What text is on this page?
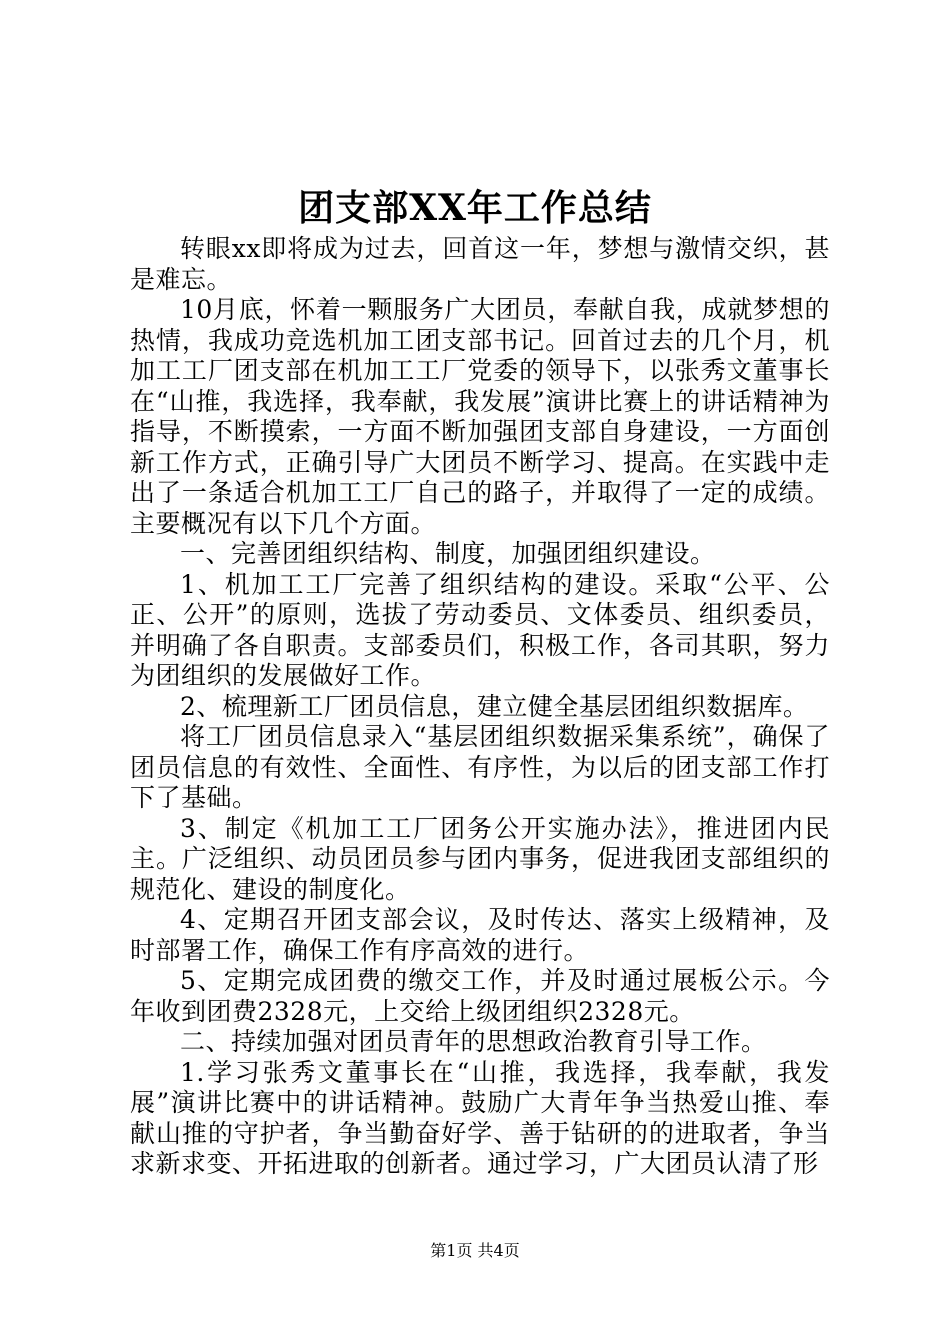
团支部XX年工作总结

转眼xx即将成为过去，回首这一年，梦想与激情交织，甚是难忘。

10月底，怀着一颗服务广大团员，奉献自我，成就梦想的热情，我成功竞选机加工团支部书记。回首过去的几个月，机加工工厂团支部在机加工工厂党委的领导下，以张秀文董事长在“山推，我选择，我奉献，我发展”演讲比赛上的讲话精神为指导，不断摸索，一方面不断加强团支部自身建设，一方面创新工作方式，正确引导广大团员不断学习、提高。在实践中走出了一条适合机加工工厂自己的路子，并取得了一定的成绩。主要概况有以下几个方面。

一、完善团组织结构、制度，加强团组织建设。

1、机加工工厂完善了组织结构的建设。采取“公平、公正、公开”的原则，选拔了劳动委员、文体委员、组织委员，并明确了各自职责。支部委员们，积极工作，各司其职，努力为团组织的发展做好工作。

2、梳理新工厂团员信息，建立健全基层团组织数据库。

将工厂团员信息录入“基层团组织数据采集系统”，确保了团员信息的有效性、全面性、有序性，为以后的团支部工作打下了基础。

3、制定《机加工工厂团务公开实施办法》，推进团内民主。广泛组织、动员团员参与团内事务，促进我团支部组织的规范化、建设的制度化。

4、定期召开团支部会议，及时传达、落实上级精神，及时部署工作，确保工作有序高效的进行。

5、定期完成团费的缴交工作，并及时通过展板公示。今年收到团费2328元，上交给上级团组织2328元。

二、持续加强对团员青年的思想政治教育引导工作。

1.学习张秀文董事长在“山推，我选择，我奉献，我发展”演讲比赛中的讲话精神。鼓励广大青年争当热爱山推、奉献山推的守护者，争当勤奋好学、善于钻研的的进取者，争当求新求变、开拓进取的创新者。通过学习，广大团员认清了形

第1页 共4页
